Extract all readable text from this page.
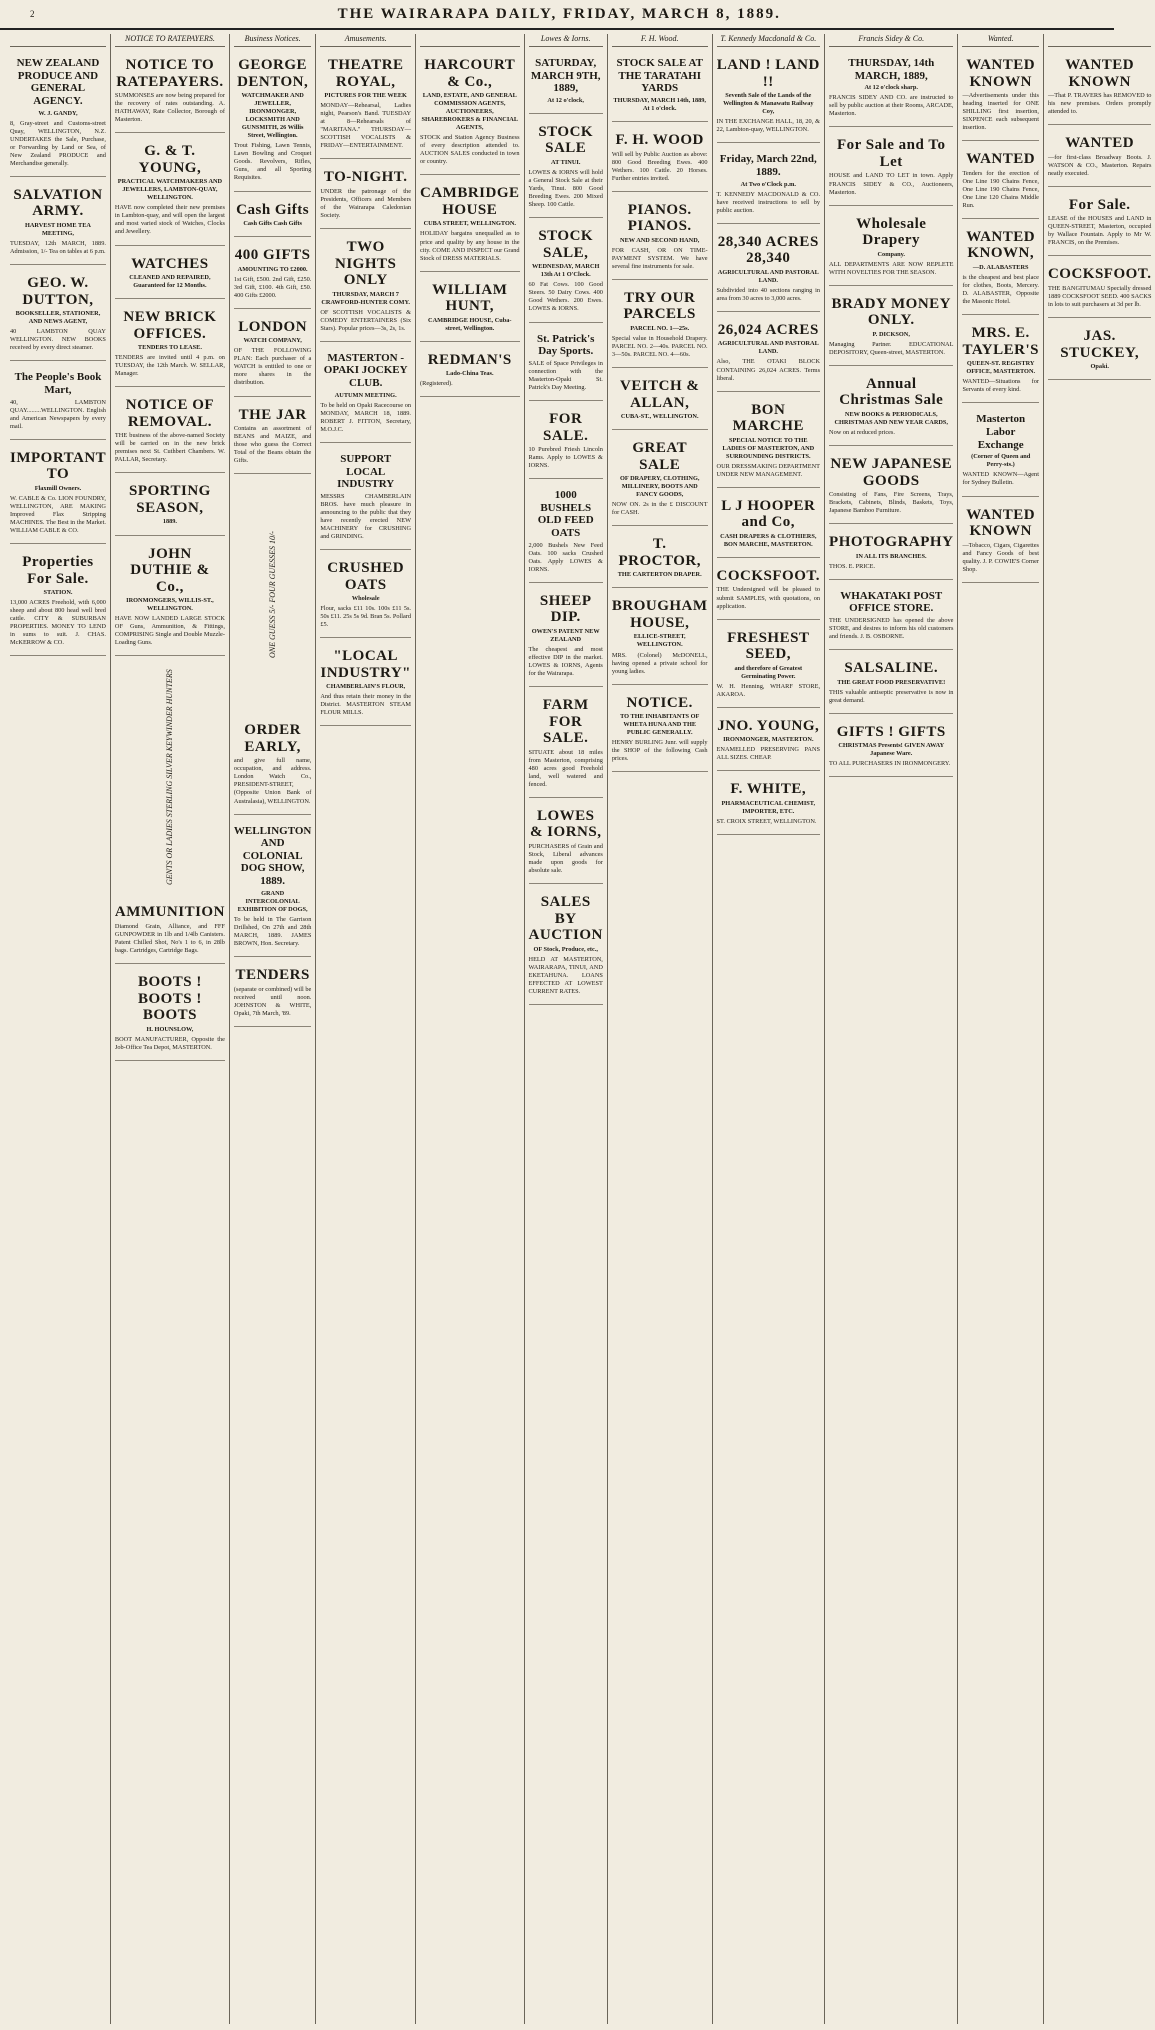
2	THE WAIRARAPA DAILY, FRIDAY, MARCH 8, 1889.
NEW ZEALAND PRODUCE AND GENERAL AGENCY.

W. J. GANDY,

8, Gray-street and Customs-street Quay, WELLINGTON, N.Z. UNDERTAKES the Sale, Purchase, or Forwarding by Land or Sea, of New Zealand PRODUCE and Merchandise generally.

SALVATION ARMY.

HARVEST HOME TEA MEETING,

TUESDAY, 12th MARCH, 1889. Admission, 1/- Tea on tables at 6 p.m.

GEO. W. DUTTON,

BOOKSELLER, STATIONER, AND NEWS AGENT,

40 LAMBTON QUAY WELLINGTON. NEW BOOKS received by every direct steamer.

The People's Book Mart,

40, LAMBTON QUAY.........WELLINGTON. English and American Newspapers by every mail.

IMPORTANT TO

Flaxmill Owners.

W. CABLE & Co. LION FOUNDRY, WELLINGTON, ARE MAKING Improved Flax Stripping MACHINES. The Best in the Market. WILLIAM CABLE & CO.

Properties For Sale.

STATION.

13,000 ACRES Freehold, with 6,000 sheep and about 800 head well bred cattle. CITY & SUBURBAN PROPERTIES. MONEY TO LEND in sums to suit. J. CHAS. McKERROW & CO.

NOTICE TO RATEPAYERS.
NOTICE TO RATEPAYERS.

SUMMONSES are now being prepared for the recovery of rates outstanding. A. HATHAWAY, Rate Collector, Borough of Masterton.

G. & T. YOUNG,

PRACTICAL WATCHMAKERS AND JEWELLERS, LAMBTON-QUAY, WELLINGTON.

HAVE now completed their new premises in Lambton-quay, and will open the largest and most varied stock of Watches, Clocks and Jewellery.

WATCHES

CLEANED AND REPAIRED, Guaranteed for 12 Months.

NEW BRICK OFFICES.

TENDERS TO LEASE.

TENDERS are invited until 4 p.m. on TUESDAY, the 12th March. W. SELLAR, Manager.

NOTICE OF REMOVAL.

THE business of the above-named Society will be carried on in the new brick premises next St. Cuthbert Chambers. W. PALLAR, Secretary.

SPORTING SEASON,

1889.

JOHN DUTHIE & Co.,

IRONMONGERS, WILLIS-ST., WELLINGTON.

HAVE NOW LANDED LARGE STOCK OF Guns, Ammunition, & Fittings, COMPRISING Single and Double Muzzle-Loading Guns.

GENTS OR LADIES STERLING SILVER KEYWINDER HUNTERS
AMMUNITION

Diamond Grain, Alliance, and FFF GUNPOWDER in 1lb and 1/4lb Canisters. Patent Chilled Shot, No's 1 to 6, in 28lb bags. Cartridges, Cartridge Bags.

BOOTS ! BOOTS ! BOOTS

H. HOUNSLOW,

BOOT MANUFACTURER, Opposite the Job-Office Tea Depot, MASTERTON.

Business Notices.
GEORGE DENTON,

WATCHMAKER AND JEWELLER, IRONMONGER, LOCKSMITH AND GUNSMITH, 26 Willis Street, Wellington.

Trout Fishing, Lawn Tennis, Lawn Bowling and Croquet Goods. Revolvers, Rifles, Guns, and all Sporting Requisites.

Cash Gifts

Cash Gifts Cash Gifts

400 GIFTS

AMOUNTING TO £2000.

1st Gift, £500. 2nd Gift, £250. 3rd Gift, £100. 4th Gift, £50. 400 Gifts £2000.

LONDON

WATCH COMPANY,

OF THE FOLLOWING PLAN: Each purchaser of a WATCH is entitled to one or more shares in the distribution.

THE JAR

Contains an assortment of BEANS and MAIZE, and those who guess the Correct Total of the Beans obtain the Gifts.

ONE GUESS 5/- FOUR GUESSES 10/-
ORDER EARLY,

and give full name, occupation, and address. London Watch Co., PRESIDENT-STREET, (Opposite Union Bank of Australasia), WELLINGTON.

WELLINGTON AND COLONIAL DOG SHOW, 1889.

GRAND INTERCOLONIAL EXHIBITION OF DOGS,

To be held in The Garrison Drillshed, On 27th and 28th MARCH, 1889. JAMES BROWN, Hon. Secretary.

TENDERS

(separate or combined) will be received until noon. JOHNSTON & WHITE, Opaki, 7th March, '89.

Amusements.
THEATRE ROYAL,

PICTURES FOR THE WEEK

MONDAY—Rehearsal, Ladies night, Pearson's Band. TUESDAY at 8—Rehearsals of "MARITANA." THURSDAY—SCOTTISH VOCALISTS & FRIDAY—ENTERTAINMENT.

TO-NIGHT.

UNDER the patronage of the Presidents, Officers and Members of the Wairarapa Caledonian Society.

TWO NIGHTS ONLY

THURSDAY, MARCH 7 CRAWFORD-HUNTER COMY.

OF SCOTTISH VOCALISTS & COMEDY ENTERTAINERS (Six Stars). Popular prices—3s, 2s, 1s.

MASTERTON - OPAKI JOCKEY CLUB.

AUTUMN MEETING.

To be held on Opaki Racecourse on MONDAY, MARCH 18, 1889. ROBERT J. FITTON, Secretary, M.O.J.C.

SUPPORT LOCAL INDUSTRY

MESSRS CHAMBERLAIN BROS. have much pleasure in announcing to the public that they have recently erected NEW MACHINERY for CRUSHING and GRINDING.

CRUSHED OATS

Wholesale

Flour, sacks £11 10s. 100s £11 5s. 50s £11. 25s 5s 9d. Bran 5s. Pollard £5.

"LOCAL INDUSTRY"

CHAMBERLAIN'S FLOUR,

And thus retain their money in the District. MASTERTON STEAM FLOUR MILLS.

HARCOURT & Co.,

LAND, ESTATE, AND GENERAL COMMISSION AGENTS, AUCTIONEERS, SHAREBROKERS & FINANCIAL AGENTS,

STOCK and Station Agency Business of every description attended to. AUCTION SALES conducted in town or country.

CAMBRIDGE HOUSE

CUBA STREET, WELLINGTON.

HOLIDAY bargains unequalled as to price and quality by any house in the city. COME AND INSPECT our Grand Stock of DRESS MATERIALS.

WILLIAM HUNT,

CAMBRIDGE HOUSE, Cuba-street, Wellington.

REDMAN'S

Lado-China Teas.

(Registered).

Lowes & Iorns.
SATURDAY, MARCH 9TH, 1889,

At 12 o'clock,

STOCK SALE

AT TINUI.

LOWES & IORNS will hold a General Stock Sale at their Yards, Tinui. 800 Good Breeding Ewes. 200 Mixed Sheep. 100 Cattle.

STOCK SALE,

WEDNESDAY, MARCH 13th At 1 O'Clock.

60 Fat Cows. 100 Good Steers. 50 Dairy Cows. 400 Good Wethers. 200 Ewes. LOWES & IORNS.

St. Patrick's Day Sports.

SALE of Space Privileges in connection with the Masterton-Opaki St. Patrick's Day Meeting.

FOR SALE.

10 Purebred Friesh Lincoln Rams. Apply to LOWES & IORNS.

1000 BUSHELS OLD FEED OATS

2,000 Bushels New Feed Oats. 100 sacks Crushed Oats. Apply LOWES & IORNS.

SHEEP DIP.

OWEN'S PATENT NEW ZEALAND

The cheapest and most effective DIP in the market. LOWES & IORNS, Agents for the Wairarapa.

FARM FOR SALE.

SITUATE about 18 miles from Masterton, comprising 480 acres good Freehold land, well watered and fenced.

LOWES & IORNS,

PURCHASERS of Grain and Stock, Liberal advances made upon goods for absolute sale.

SALES BY AUCTION

OF Stock, Produce, etc.,

HELD AT MASTERTON, WAIRARAPA, TINUI, AND EKETAHUNA. LOANS EFFECTED AT LOWEST CURRENT RATES.

F. H. Wood.
STOCK SALE AT THE TARATAHI YARDS

THURSDAY, MARCH 14th, 1889, At 1 o'clock.

F. H. WOOD

Will sell by Public Auction as above: 800 Good Breeding Ewes. 400 Wethers. 100 Cattle. 20 Horses. Further entries invited.

PIANOS. PIANOS.

NEW AND SECOND HAND,

FOR CASH, OR ON TIME-PAYMENT SYSTEM. We have several fine instruments for sale.

TRY OUR PARCELS

PARCEL NO. 1—25s.

Special value in Household Drapery. PARCEL NO. 2—40s. PARCEL NO. 3—50s. PARCEL NO. 4—60s.

VEITCH & ALLAN,

CUBA-ST., WELLINGTON.

GREAT SALE

OF DRAPERY, CLOTHING, MILLINERY, BOOTS AND FANCY GOODS,

NOW ON. 2s in the £ DISCOUNT for CASH.

T. PROCTOR,

THE CARTERTON DRAPER.

BROUGHAM HOUSE,

ELLICE-STREET, WELLINGTON.

MRS. (Colonel) McDONELL, having opened a private school for young ladies.

NOTICE.

TO THE INHABITANTS OF WHETA HUNA AND THE PUBLIC GENERALLY.

HENRY BURLING Junr. will supply the SHOP of the following Cash prices.

T. Kennedy Macdonald & Co.
LAND ! LAND !!

Seventh Sale of the Lands of the Wellington & Manawatu Railway Coy,

IN THE EXCHANGE HALL, 18, 20, & 22, Lambton-quay, WELLINGTON.

Friday, March 22nd, 1889.

At Two o'Clock p.m.

T. KENNEDY MACDONALD & CO. have received instructions to sell by public auction.

28,340 ACRES 28,340

AGRICULTURAL AND PASTORAL LAND.

Subdivided into 40 sections ranging in area from 30 acres to 3,000 acres.

26,024 ACRES

AGRICULTURAL AND PASTORAL LAND.

Also, THE OTAKI BLOCK CONTAINING 26,024 ACRES. Terms liberal.

BON MARCHE

SPECIAL NOTICE TO THE LADIES OF MASTERTON, AND SURROUNDING DISTRICTS.

OUR DRESSMAKING DEPARTMENT UNDER NEW MANAGEMENT.

L J HOOPER and Co,

CASH DRAPERS & CLOTHIERS, BON MARCHE, MASTERTON.

COCKSFOOT.

THE Undersigned will be pleased to submit SAMPLES, with quotations, on application.

FRESHEST SEED,

and therefore of Greatest Germinating Power.

W. H. Henning, WHARF STORE, AKAROA.

JNO. YOUNG,

IRONMONGER, MASTERTON.

ENAMELLED PRESERVING PANS ALL SIZES. CHEAP.

F. WHITE,

PHARMACEUTICAL CHEMIST, IMPORTER, ETC.

ST. CROIX STREET, WELLINGTON.

Francis Sidey & Co.
THURSDAY, 14th MARCH, 1889,

At 12 o'clock sharp.

FRANCIS SIDEY AND CO. are instructed to sell by public auction at their Rooms, ARCADE, Masterton.

For Sale and To Let

HOUSE and LAND TO LET in town. Apply FRANCIS SIDEY & CO., Auctioneers, Masterton.

Wholesale Drapery

Company.

ALL DEPARTMENTS ARE NOW REPLETE WITH NOVELTIES FOR THE SEASON.

BRADY MONEY ONLY.

P. DICKSON,

Managing Partner. EDUCATIONAL DEPOSITORY, Queen-street, MASTERTON.

Annual Christmas Sale

NEW BOOKS & PERIODICALS, CHRISTMAS AND NEW YEAR CARDS,

Now on at reduced prices.

NEW JAPANESE GOODS

Consisting of Fans, Fire Screens, Trays, Brackets, Cabinets, Blinds, Baskets, Toys, Japanese Bamboo Furniture.

PHOTOGRAPHY

IN ALL ITS BRANCHES.

THOS. E. PRICE.

WHAKATAKI POST OFFICE STORE.

THE UNDERSIGNED has opened the above STORE, and desires to inform his old customers and friends. J. B. OSBORNE.

SALSALINE.

THE GREAT FOOD PRESERVATIVE!

THIS valuable antiseptic preservative is now in great demand.

GIFTS ! GIFTS

CHRISTMAS Presents! GIVEN AWAY Japanese Ware.

TO ALL PURCHASERS IN IRONMONGERY.

Wanted.
WANTED KNOWN

—Advertisements under this heading inserted for ONE SHILLING first insertion, SIXPENCE each subsequent insertion.

WANTED

Tenders for the erection of One Line 190 Chains Fence, One Line 190 Chains Fence, One Line 120 Chains Middle Run.

WANTED KNOWN,

—D. ALABASTERS

is the cheapest and best place for clothes, Boots, Mercery. D. ALABASTER, Opposite the Masonic Hotel.

MRS. E. TAYLER'S

QUEEN-ST. REGISTRY OFFICE, MASTERTON.

WANTED—Situations for Servants of every kind.

Masterton Labor Exchange

(Corner of Queen and Perry-sts.)

WANTED KNOWN—Agent for Sydney Bulletin.

WANTED KNOWN

—Tobacco, Cigars, Cigarettes and Fancy Goods of best quality. J. P. COWIE'S Corner Shop.

WANTED KNOWN

—That P. TRAVERS has REMOVED to his new premises. Orders promptly attended to.

WANTED

—for first-class Broadway Boots. J. WATSON & CO., Masterton. Repairs neatly executed.

For Sale.

LEASE of the HOUSES and LAND in QUEEN-STREET, Masterton, occupied by Wallace Fountain. Apply to Mr W. FRANCIS, on the Premises.

COCKSFOOT.

THE BANGITUMAU Specially dressed 1889 COCKSFOOT SEED. 400 SACKS in lots to suit purchasers at 3d per lb.

JAS. STUCKEY,

Opaki.
